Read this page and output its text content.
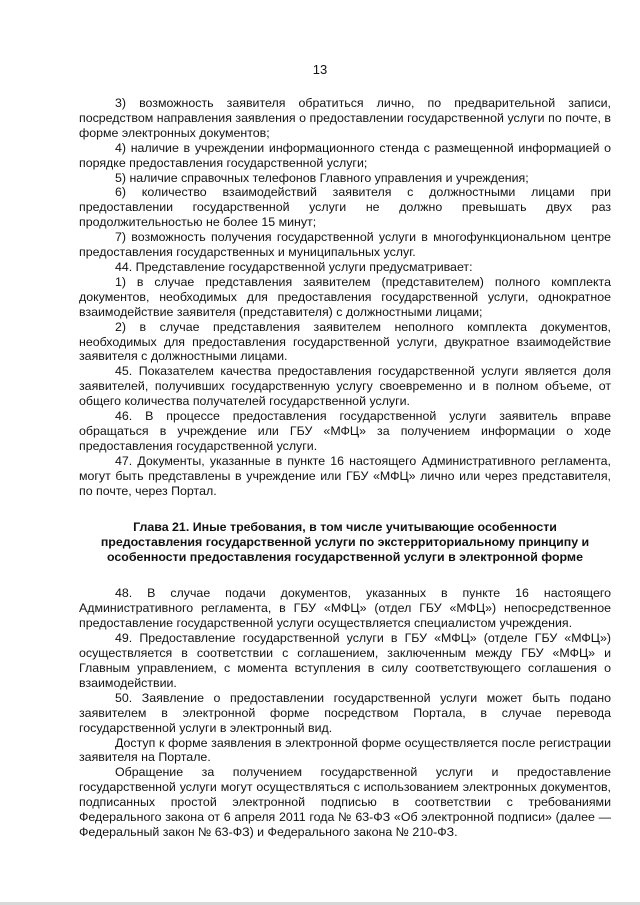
13

3) возможность заявителя обратиться лично, по предварительной записи, посредством направления заявления о предоставлении государственной услуги по почте, в форме электронных документов;

4) наличие в учреждении информационного стенда с размещенной информацией о порядке предоставления государственной услуги;

5) наличие справочных телефонов Главного управления и учреждения;

6) количество взаимодействий заявителя с должностными лицами при предоставлении государственной услуги не должно превышать двух раз продолжительностью не более 15 минут;

7) возможность получения государственной услуги в многофункциональном центре предоставления государственных и муниципальных услуг.

44. Представление государственной услуги предусматривает:

1) в случае представления заявителем (представителем) полного комплекта документов, необходимых для предоставления государственной услуги, однократное взаимодействие заявителя (представителя) с должностными лицами;

2) в случае представления заявителем неполного комплекта документов, необходимых для предоставления государственной услуги, двукратное взаимодействие заявителя с должностными лицами.

45. Показателем качества предоставления государственной услуги является доля заявителей, получивших государственную услугу своевременно и в полном объеме, от общего количества получателей государственной услуги.

46. В процессе предоставления государственной услуги заявитель вправе обращаться в учреждение или ГБУ «МФЦ» за получением информации о ходе предоставления государственной услуги.

47. Документы, указанные в пункте 16 настоящего Административного регламента, могут быть представлены в учреждение или ГБУ «МФЦ» лично или через представителя, по почте, через Портал.

Глава 21. Иные требования, в том числе учитывающие особенности
предоставления государственной услуги по экстерриториальному принципу и
особенности предоставления государственной услуги в электронной форме

48. В случае подачи документов, указанных в пункте 16 настоящего Административного регламента, в ГБУ «МФЦ» (отдел ГБУ «МФЦ») непосредственное предоставление государственной услуги осуществляется специалистом учреждения.

49. Предоставление государственной услуги в ГБУ «МФЦ» (отделе ГБУ «МФЦ») осуществляется в соответствии с соглашением, заключенным между ГБУ «МФЦ» и Главным управлением, с момента вступления в силу соответствующего соглашения о взаимодействии.

50. Заявление о предоставлении государственной услуги может быть подано заявителем в электронной форме посредством Портала, в случае перевода государственной услуги в электронный вид.

Доступ к форме заявления в электронной форме осуществляется после регистрации заявителя на Портале.

Обращение за получением государственной услуги и предоставление государственной услуги могут осуществляться с использованием электронных документов, подписанных простой электронной подписью в соответствии с требованиями Федерального закона от 6 апреля 2011 года № 63-ФЗ «Об электронной подписи» (далее — Федеральный закон № 63-ФЗ) и Федерального закона № 210-ФЗ.
